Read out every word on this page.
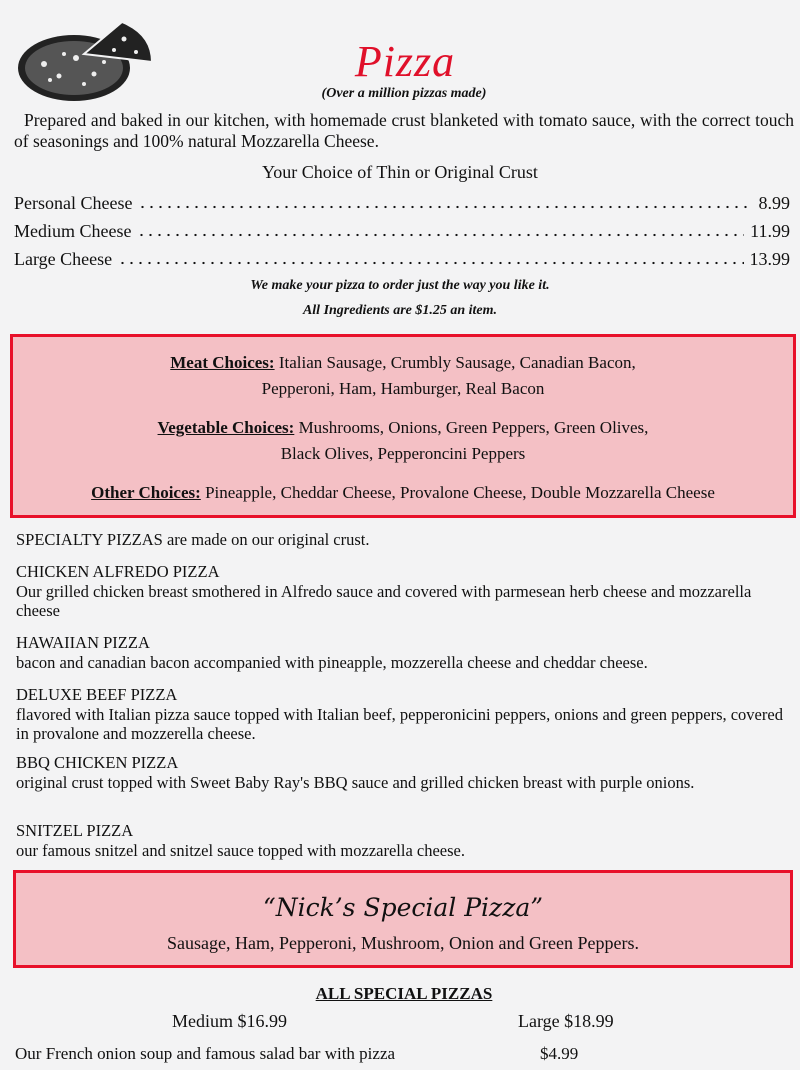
Pizza
(Over a million pizzas made)
Prepared and baked in our kitchen, with homemade crust blanketed with tomato sauce, with the correct touch of seasonings and 100% natural Mozzarella Cheese.
Your Choice of Thin or Original Crust
Personal Cheese	8.99
Medium Cheese	11.99
Large Cheese	13.99
We make your pizza to order just the way you like it.
All Ingredients are $1.25 an item.
Meat Choices: Italian Sausage, Crumbly Sausage, Canadian Bacon,
Pepperoni, Ham, Hamburger, Real Bacon
Vegetable Choices: Mushrooms, Onions, Green Peppers, Green Olives,
Black Olives, Pepperoncini Peppers
Other Choices: Pineapple, Cheddar Cheese, Provalone Cheese, Double Mozzarella Cheese
SPECIALTY PIZZAS are made on our original crust.
CHICKEN ALFREDO PIZZA
Our grilled chicken breast smothered in Alfredo sauce and covered with parmesean herb cheese and mozzarella cheese
HAWAIIAN PIZZA
bacon and canadian bacon accompanied with pineapple, mozzerella cheese and cheddar cheese.
DELUXE BEEF PIZZA
flavored with Italian pizza sauce topped with Italian beef, pepperonicini peppers, onions and green peppers, covered in provalone and mozzerella cheese.
BBQ CHICKEN PIZZA
original crust topped with Sweet Baby Ray's BBQ sauce and grilled chicken breast with purple onions.
SNITZEL PIZZA
our famous snitzel and snitzel sauce topped with mozzarella cheese.
“Nick’s Special Pizza”
Sausage, Ham, Pepperoni, Mushroom, Onion and Green Peppers.
ALL SPECIAL PIZZAS
Medium $16.99	Large $18.99
Our French onion soup and famous salad bar with pizza	$4.99
